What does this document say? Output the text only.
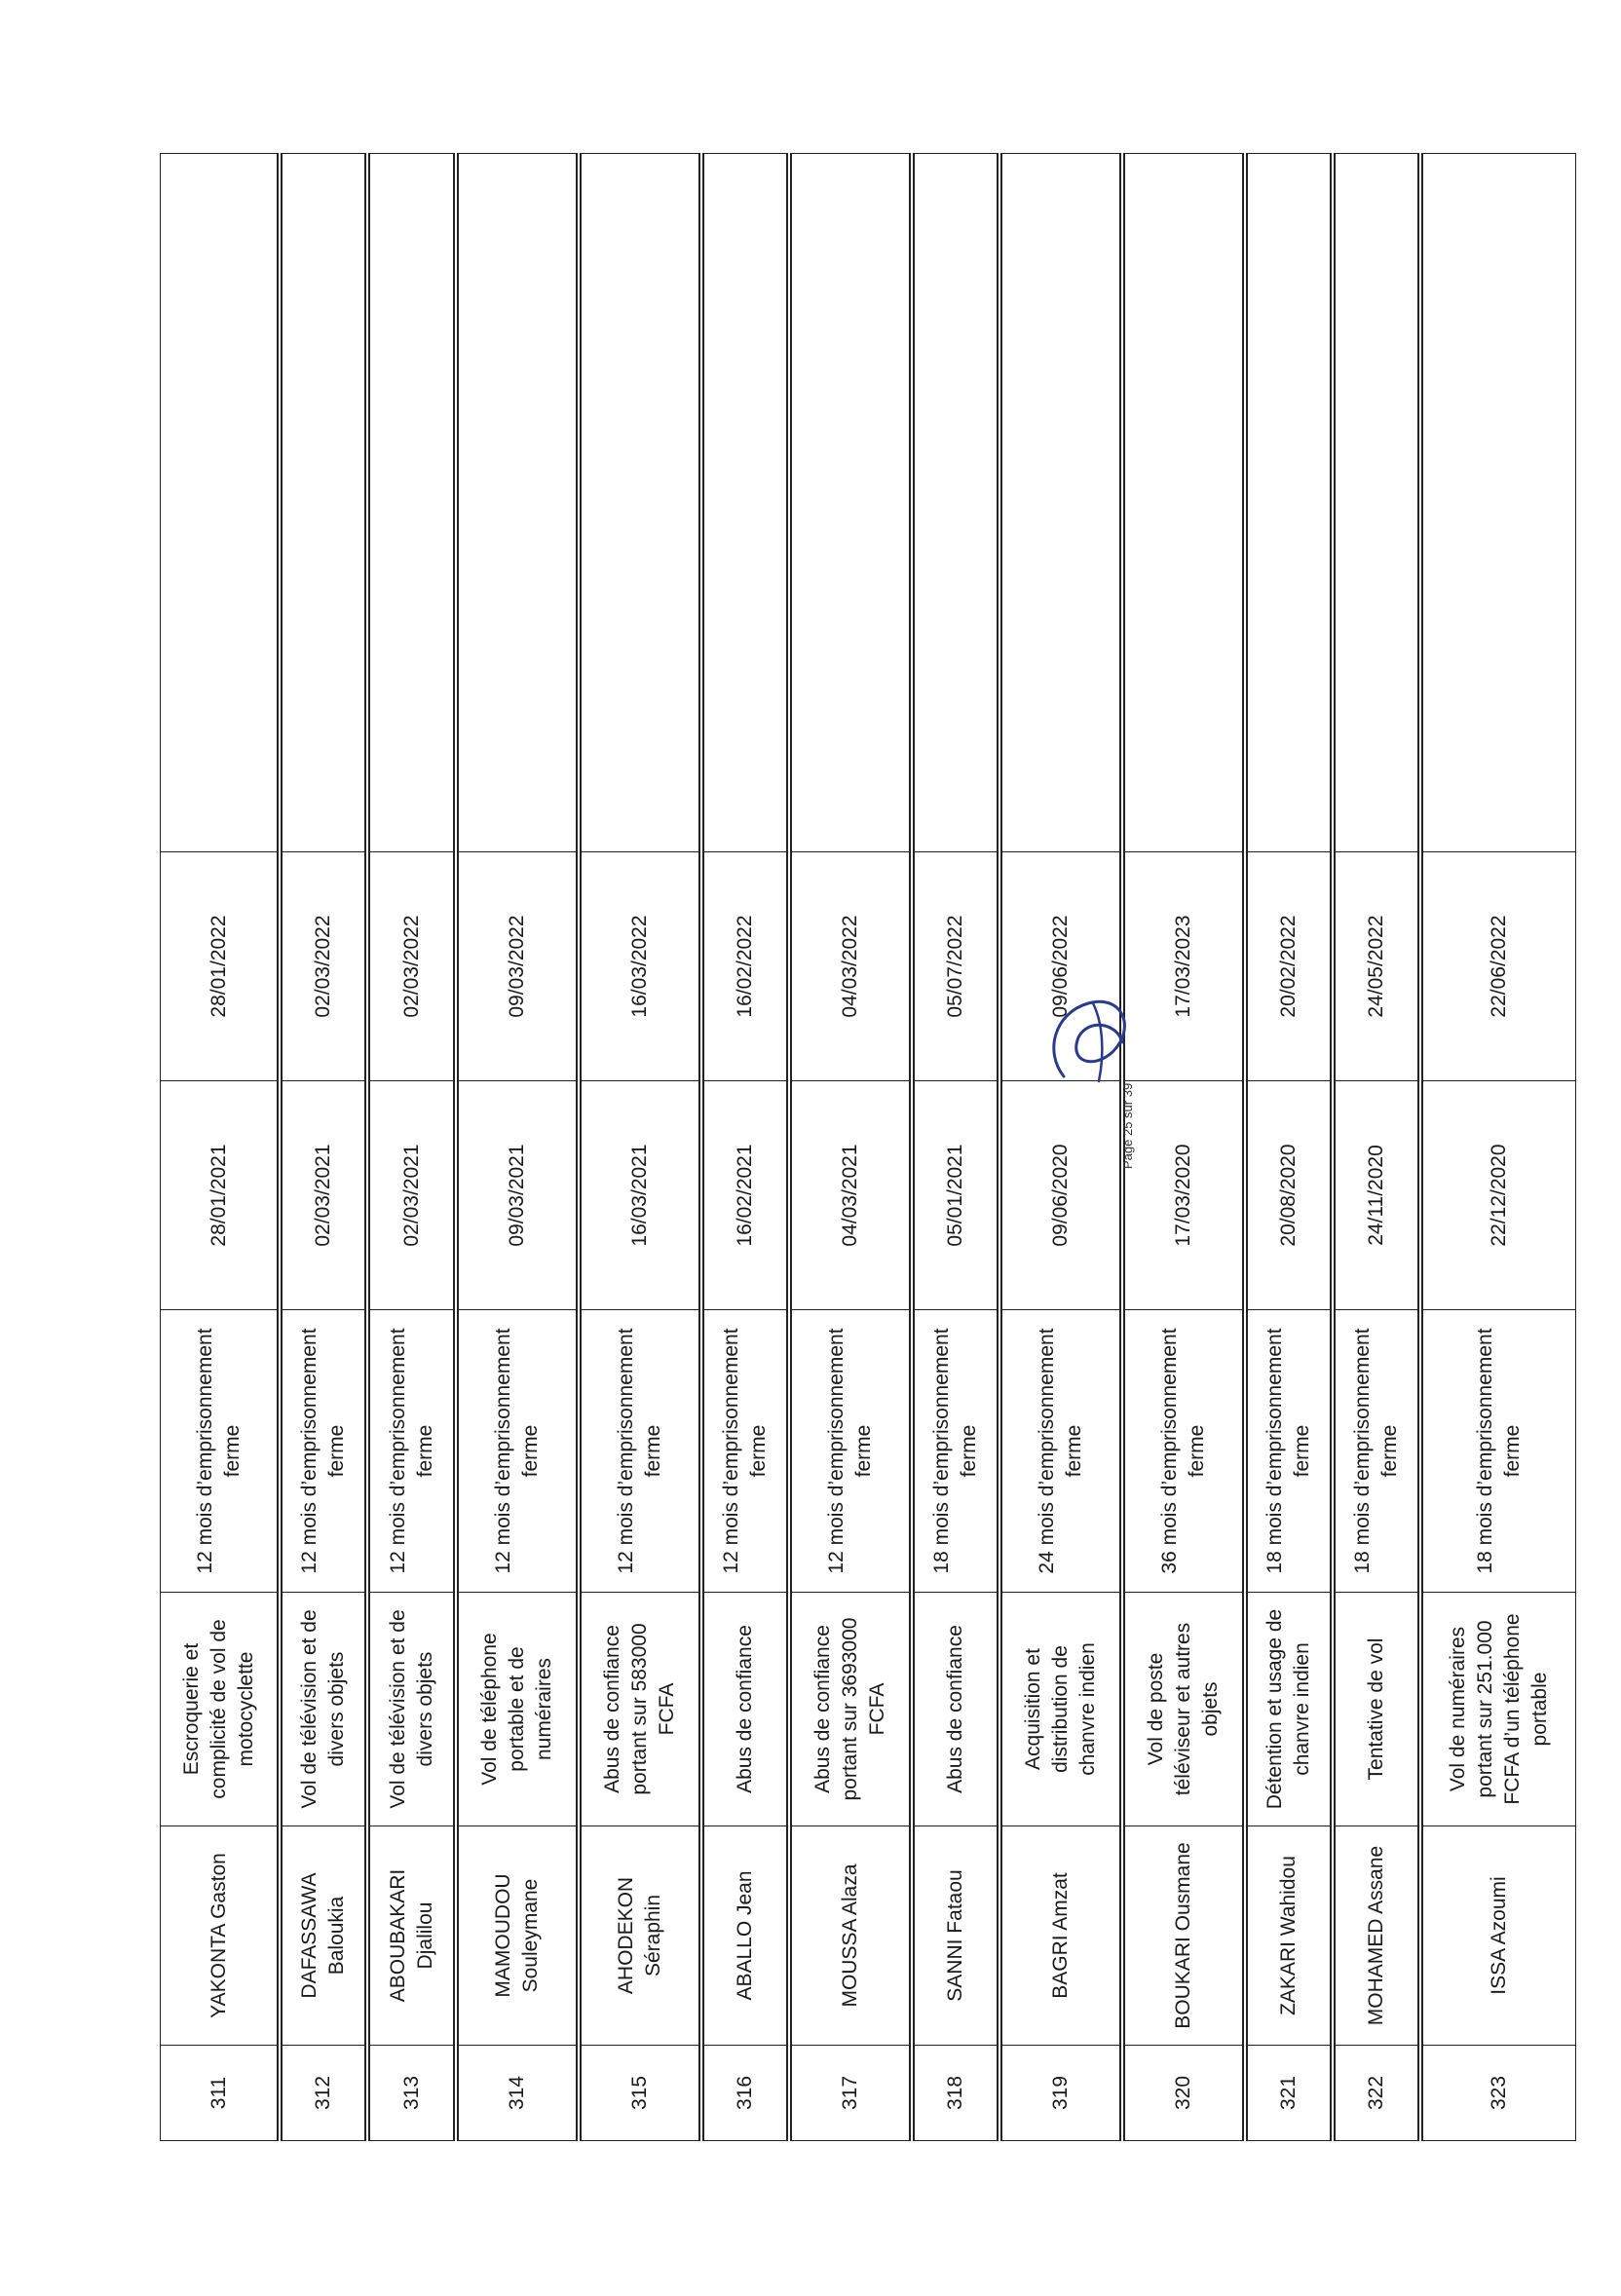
311	YAKONTA Gaston	Escroquerie et complicité de vol de motocyclette	12 mois d’emprisonnement ferme	28/01/2021	28/01/2022	
312	DAFASSAWA Baloukia	Vol de télévision et de divers objets	12 mois d’emprisonnement ferme	02/03/2021	02/03/2022	
313	ABOUBAKARI Djalilou	Vol de télévision et de divers objets	12 mois d’emprisonnement ferme	02/03/2021	02/03/2022	
314	MAMOUDOU Souleymane	Vol de téléphone portable et de numéraires	12 mois d’emprisonnement ferme	09/03/2021	09/03/2022	
315	AHODEKON Séraphin	Abus de confiance portant sur 583000 FCFA	12 mois d’emprisonnement ferme	16/03/2021	16/03/2022	
316	ABALLO Jean	Abus de confiance	12 mois d’emprisonnement ferme	16/02/2021	16/02/2022	
317	MOUSSA Alaza	Abus de confiance portant sur 3693000 FCFA	12 mois d’emprisonnement ferme	04/03/2021	04/03/2022	
318	SANNI Fataou	Abus de confiance	18 mois d’emprisonnement ferme	05/01/2021	05/07/2022	
319	BAGRI Amzat	Acquisition et distribution de chanvre indien	24 mois d’emprisonnement ferme	09/06/2020	09/06/2022	
320	BOUKARI Ousmane	Vol de poste téléviseur et autres objets	36 mois d’emprisonnement ferme	17/03/2020	17/03/2023	
321	ZAKARI Wahidou	Détention et usage de chanvre indien	18 mois d’emprisonnement ferme	20/08/2020	20/02/2022	
322	MOHAMED Assane	Tentative de vol	18 mois d’emprisonnement ferme	24/11/2020	24/05/2022	
323	ISSA Azoumi	Vol de numéraires portant sur 251.000 FCFA d’un téléphone portable	18 mois d’emprisonnement ferme	22/12/2020	22/06/2022	
Page 25 sur 39
